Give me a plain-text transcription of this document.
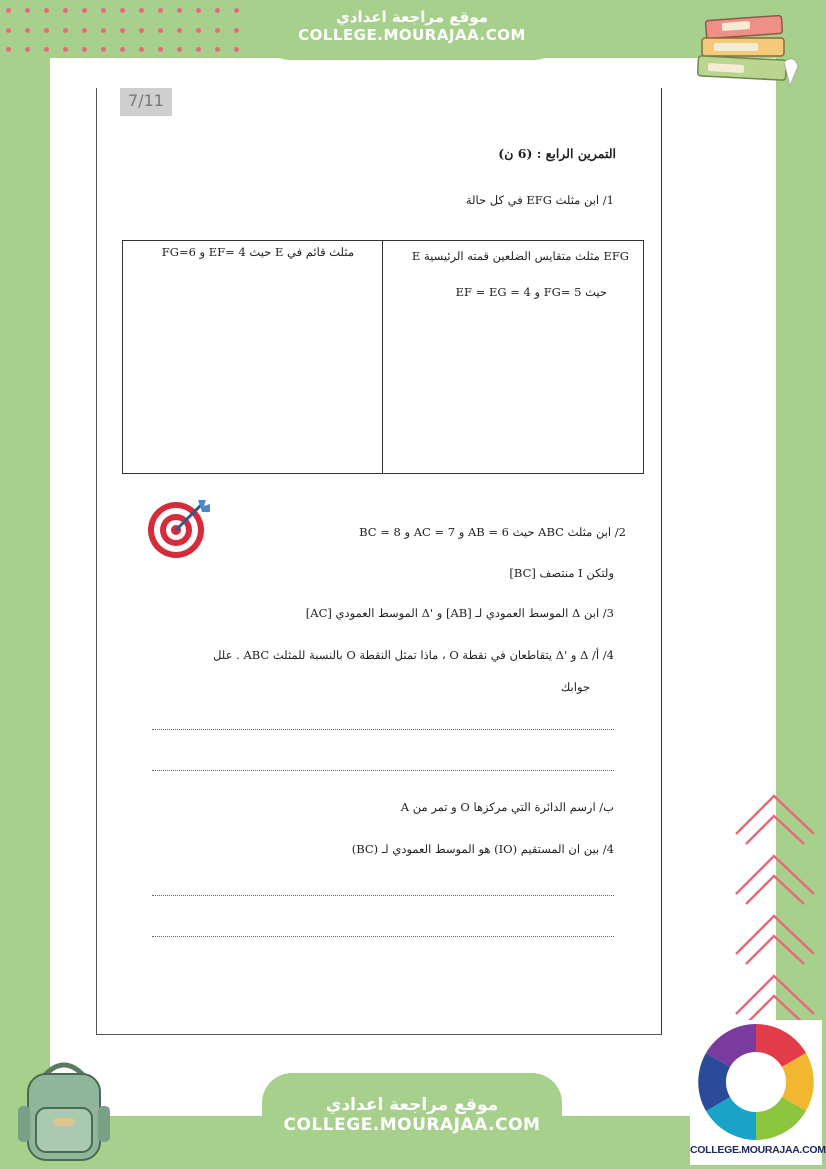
موقع مراجعة اعدادي
COLLEGE.MOURAJAA.COM
7/11
التمرين الرابع : (6 ن)
1/ ابن مثلث EFG في كل حالة
EFG مثلث متقايس الضلعين قمته الرئيسية E
حيث FG= 5 و EF = EG = 4
مثلث قائم في E حيث EF= 4 و FG=6
2/ ابن مثلث ABC حيث AB = 6 و AC = 7 و BC = 8
ولتكن I منتصف [BC]
3/ ابن Δ الموسط العمودي لـ [AB] و 'Δ الموسط العمودي [AC]
4/ أ/ Δ و 'Δ يتقاطعان في نقطة O ، ماذا تمثل النقطة O بالنسبة للمثلث ABC . علل
جوابك
ب/ ارسم الدائرة التي مركزها O و تمر من A
4/ بين ان المستقيم (IO) هو الموسط العمودي لـ (BC)
موقع مراجعة اعدادي
COLLEGE.MOURAJAA.COM
COLLEGE.MOURAJAA.COM
